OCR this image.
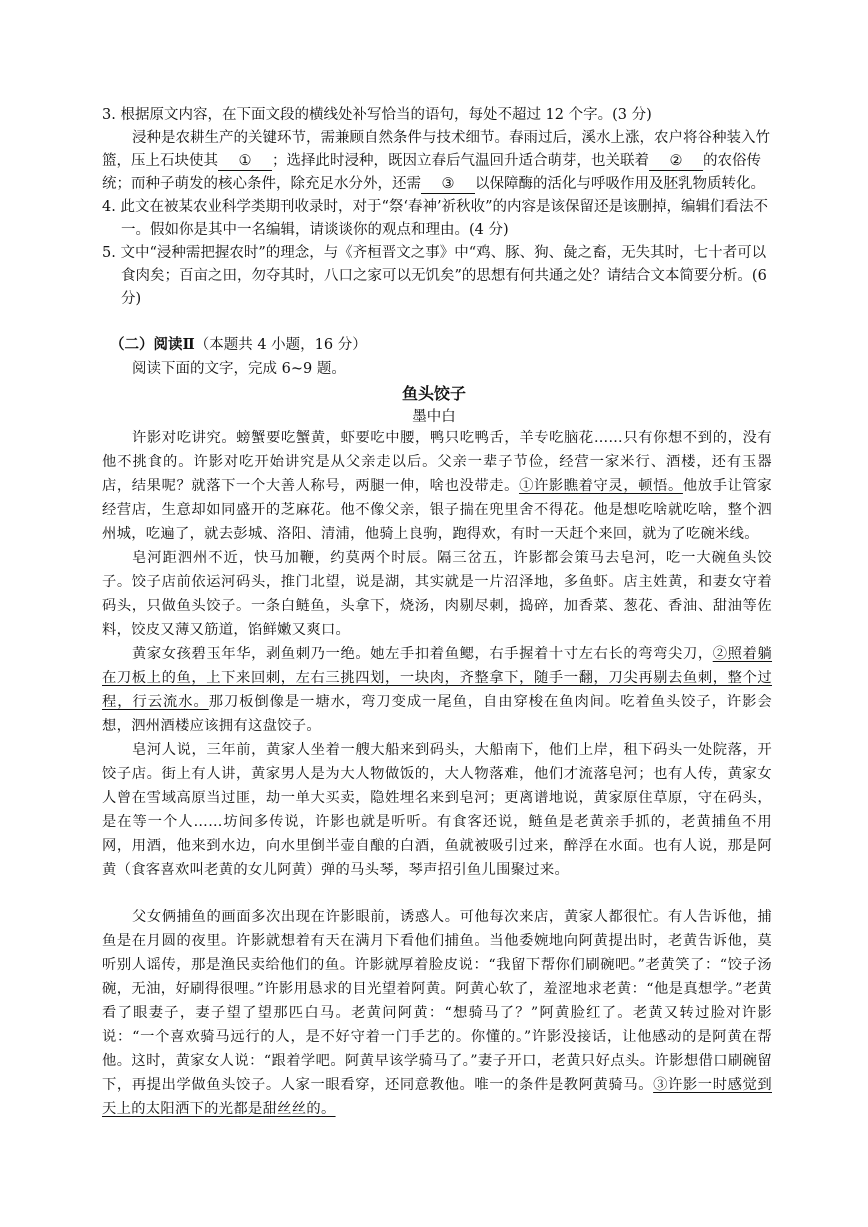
3. 根据原文内容，在下面文段的横线处补写恰当的语句，每处不超过 12 个字。(3 分)
浸种是农耕生产的关键环节，需兼顾自然条件与技术细节。春雨过后，溪水上涨，农户将谷种装入竹篮，压上石块使其 ① ；选择此时浸种，既因立春后气温回升适合萌芽，也关联着 ② 的农俗传统；而种子萌发的核心条件，除充足水分外，还需 ③ 以保障酶的活化与呼吸作用及胚乳物质转化。
4. 此文在被某农业科学类期刊收录时，对于“祭‘春神’祈秋收”的内容是该保留还是该删掉，编辑们看法不一。假如你是其中一名编辑，请谈谈你的观点和理由。(4 分)
5. 文中“浸种需把握农时”的理念，与《齐桓晋文之事》中“鸡、豚、狗、彘之畜，无失其时，七十者可以食肉矣；百亩之田，勿夺其时，八口之家可以无饥矣”的思想有何共通之处？请结合文本简要分析。(6 分)
（二）阅读Ⅱ（本题共 4 小题，16 分）
阅读下面的文字，完成 6~9 题。
鱼头饺子
墨中白
许影对吃讲究。螃蟹要吃蟹黄，虾要吃中腰，鸭只吃鸭舌，羊专吃脑花……只有你想不到的，没有他不挑食的。许影对吃开始讲究是从父亲走以后。父亲一辈子节俭，经营一家米行、酒楼，还有玉器店，结果呢？就落下一个大善人称号，两腿一伸，啥也没带走。①许影瞧着守灵，顿悟。他放手让管家经营店，生意却如同盛开的芝麻花。他不像父亲，银子揣在兜里舍不得花。他是想吃啥就吃啥，整个泗州城，吃遍了，就去彭城、洛阳、清浦，他骑上良驹，跑得欢，有时一天赶个来回，就为了吃碗米线。
皂河距泗州不近，快马加鞭，约莫两个时辰。隔三岔五，许影都会策马去皂河，吃一大碗鱼头饺子。饺子店前依运河码头，推门北望，说是湖，其实就是一片沼泽地，多鱼虾。店主姓黄，和妻女守着码头，只做鱼头饺子。一条白鲢鱼，头拿下，烧汤，肉剔尽刺，捣碎，加香菜、葱花、香油、甜油等佐料，饺皮又薄又筋道，馅鲜嫩又爽口。
黄家女孩碧玉年华，剥鱼刺乃一绝。她左手扣着鱼鳃，右手握着十寸左右长的弯弯尖刀，②照着躺在刀板上的鱼，上下来回刺，左右三挑四划，一块肉，齐整拿下，随手一翻，刀尖再剔去鱼刺，整个过程，行云流水。那刀板倒像是一塘水，弯刀变成一尾鱼，自由穿梭在鱼肉间。吃着鱼头饺子，许影会想，泗州酒楼应该拥有这盘饺子。
皂河人说，三年前，黄家人坐着一艘大船来到码头，大船南下，他们上岸，租下码头一处院落，开饺子店。街上有人讲，黄家男人是为大人物做饭的，大人物落难，他们才流落皂河；也有人传，黄家女人曾在雪域高原当过匪，劫一单大买卖，隐姓埋名来到皂河；更离谱地说，黄家原住草原，守在码头，是在等一个人……坊间多传说，许影也就是听听。有食客还说，鲢鱼是老黄亲手抓的，老黄捕鱼不用网，用酒，他来到水边，向水里倒半壶自酿的白酒，鱼就被吸引过来，醉浮在水面。也有人说，那是阿黄（食客喜欢叫老黄的女儿阿黄）弹的马头琴，琴声招引鱼儿围聚过来。
父女俩捕鱼的画面多次出现在许影眼前，诱惑人。可他每次来店，黄家人都很忙。有人告诉他，捕鱼是在月圆的夜里。许影就想着有天在满月下看他们捕鱼。当他委婉地向阿黄提出时，老黄告诉他，莫听别人谣传，那是渔民卖给他们的鱼。许影就厚着脸皮说：“我留下帮你们刷碗吧。”老黄笑了：“饺子汤碗，无油，好刷得很哩。”许影用恳求的目光望着阿黄。阿黄心软了，羞涩地求老黄：“他是真想学。”老黄看了眼妻子，妻子望了望那匹白马。老黄问阿黄：“想骑马了？”阿黄脸红了。老黄又转过脸对许影说：“一个喜欢骑马远行的人，是不好守着一门手艺的。你懂的。”许影没接话，让他感动的是阿黄在帮他。这时，黄家女人说：“跟着学吧。阿黄早该学骑马了。”妻子开口，老黄只好点头。许影想借口刷碗留下，再提出学做鱼头饺子。人家一眼看穿，还同意教他。唯一的条件是教阿黄骑马。③许影一时感觉到天上的太阳洒下的光都是甜丝丝的。
